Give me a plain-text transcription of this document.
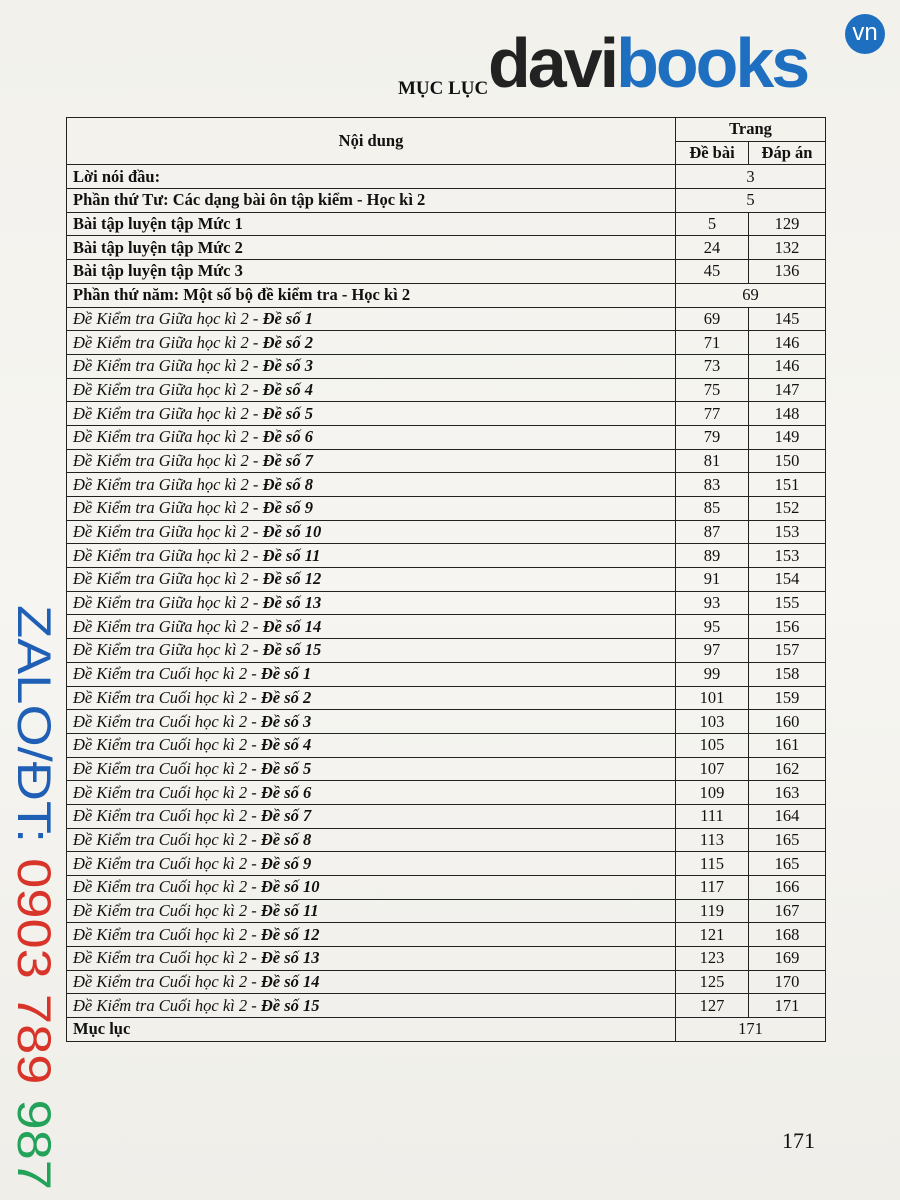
davi books	vn
MỤC LỤC
Nội dung	Trang	
	Đề bài	Đáp án
Lời nói đầu:	3	
Phần thứ Tư: Các dạng bài ôn tập kiểm - Học kì 2	5	
Bài tập luyện tập Mức 1	5	129
Bài tập luyện tập Mức 2	24	132
Bài tập luyện tập Mức 3	45	136
Phần thứ năm: Một số bộ đề kiểm tra - Học kì 2	69	
Đề Kiểm tra Giữa học kì 2 - Đề số 1	69	145
Đề Kiểm tra Giữa học kì 2 - Đề số 2	71	146
Đề Kiểm tra Giữa học kì 2 - Đề số 3	73	146
Đề Kiểm tra Giữa học kì 2 - Đề số 4	75	147
Đề Kiểm tra Giữa học kì 2 - Đề số 5	77	148
Đề Kiểm tra Giữa học kì 2 - Đề số 6	79	149
Đề Kiểm tra Giữa học kì 2 - Đề số 7	81	150
Đề Kiểm tra Giữa học kì 2 - Đề số 8	83	151
Đề Kiểm tra Giữa học kì 2 - Đề số 9	85	152
Đề Kiểm tra Giữa học kì 2 - Đề số 10	87	153
Đề Kiểm tra Giữa học kì 2 - Đề số 11	89	153
Đề Kiểm tra Giữa học kì 2 - Đề số 12	91	154
Đề Kiểm tra Giữa học kì 2 - Đề số 13	93	155
Đề Kiểm tra Giữa học kì 2 - Đề số 14	95	156
Đề Kiểm tra Giữa học kì 2 - Đề số 15	97	157
Đề Kiểm tra Cuối học kì 2 - Đề số 1	99	158
Đề Kiểm tra Cuối học kì 2 - Đề số 2	101	159
Đề Kiểm tra Cuối học kì 2 - Đề số 3	103	160
Đề Kiểm tra Cuối học kì 2 - Đề số 4	105	161
Đề Kiểm tra Cuối học kì 2 - Đề số 5	107	162
Đề Kiểm tra Cuối học kì 2 - Đề số 6	109	163
Đề Kiểm tra Cuối học kì 2 - Đề số 7	111	164
Đề Kiểm tra Cuối học kì 2 - Đề số 8	113	165
Đề Kiểm tra Cuối học kì 2 - Đề số 9	115	165
Đề Kiểm tra Cuối học kì 2 - Đề số 10	117	166
Đề Kiểm tra Cuối học kì 2 - Đề số 11	119	167
Đề Kiểm tra Cuối học kì 2 - Đề số 12	121	168
Đề Kiểm tra Cuối học kì 2 - Đề số 13	123	169
Đề Kiểm tra Cuối học kì 2 - Đề số 14	125	170
Đề Kiểm tra Cuối học kì 2 - Đề số 15	127	171
Mục lục	171	
171
ZALO/ĐT: 0903 789 987
